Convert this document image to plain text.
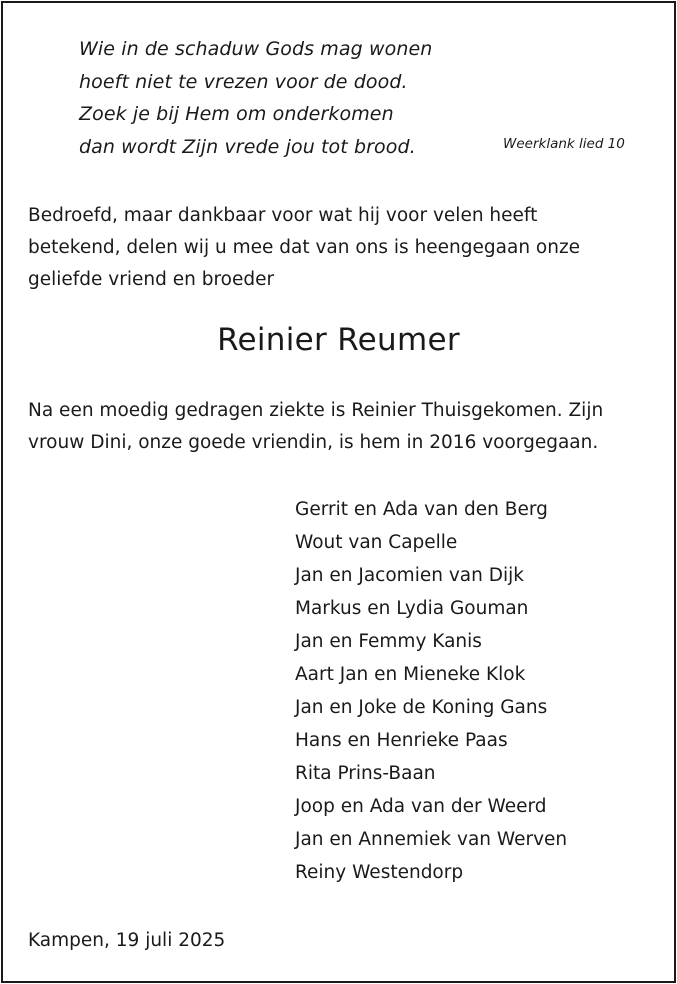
Wie in de schaduw Gods mag wonen
hoeft niet te vrezen voor de dood.
Zoek je bij Hem om onderkomen
dan wordt Zijn vrede jou tot brood.	Weerklank lied 10
Bedroefd, maar dankbaar voor wat hij voor velen heeft
betekend, delen wij u mee dat van ons is heengegaan onze
geliefde vriend en broeder
Reinier Reumer
Na een moedig gedragen ziekte is Reinier Thuisgekomen. Zijn
vrouw Dini, onze goede vriendin, is hem in 2016 voorgegaan.
Gerrit en Ada van den Berg
Wout van Capelle
Jan en Jacomien van Dijk
Markus en Lydia Gouman
Jan en Femmy Kanis
Aart Jan en Mieneke Klok
Jan en Joke de Koning Gans
Hans en Henrieke Paas
Rita Prins-Baan
Joop en Ada van der Weerd
Jan en Annemiek van Werven
Reiny Westendorp
Kampen, 19 juli 2025
